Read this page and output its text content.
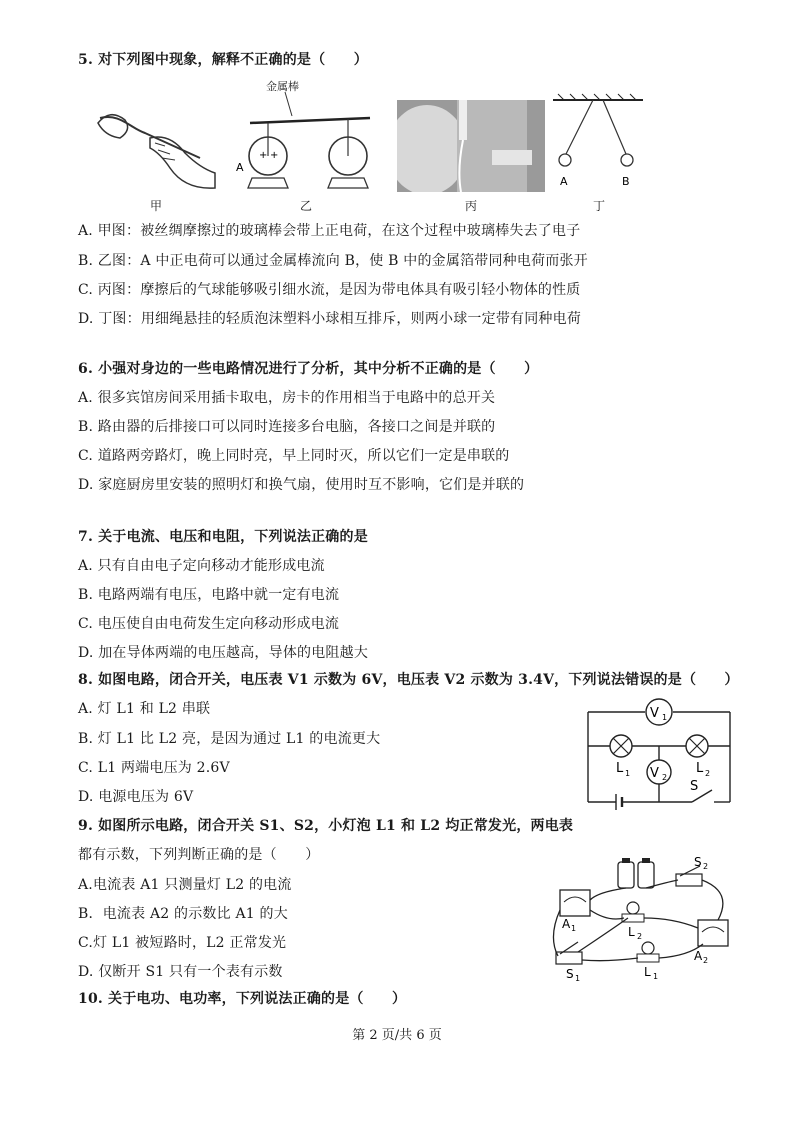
5. 对下列图中现象，解释不正确的是（　　）
金属棒
+ +
A
A	B
甲	乙	丙	丁
A. 甲图：被丝绸摩擦过的玻璃棒会带上正电荷，在这个过程中玻璃棒失去了电子
B. 乙图：A 中正电荷可以通过金属棒流向 B，使 B 中的金属箔带同种电荷而张开
C. 丙图：摩擦后的气球能够吸引细水流，是因为带电体具有吸引轻小物体的性质
D. 丁图：用细绳悬挂的轻质泡沫塑料小球相互排斥，则两小球一定带有同种电荷
6. 小强对身边的一些电路情况进行了分析，其中分析不正确的是（　　）
A. 很多宾馆房间采用插卡取电，房卡的作用相当于电路中的总开关
B. 路由器的后排接口可以同时连接多台电脑，各接口之间是并联的
C. 道路两旁路灯，晚上同时亮，早上同时灭，所以它们一定是串联的
D. 家庭厨房里安装的照明灯和换气扇，使用时互不影响，它们是并联的
7. 关于电流、电压和电阻，下列说法正确的是
A. 只有自由电子定向移动才能形成电流
B. 电路两端有电压，电路中就一定有电流
C. 电压使自由电荷发生定向移动形成电流
D. 加在导体两端的电压越高，导体的电阻越大
8. 如图电路，闭合开关，电压表 V1 示数为 6V，电压表 V2 示数为 3.4V，下列说法错误的是（　　）
A. 灯 L1 和 L2 串联
B. 灯 L1 比 L2 亮，是因为通过 L1 的电流更大
C. L1 两端电压为 2.6V
D. 电源电压为 6V
V 1
L 1	L 2
V 2
S
9. 如图所示电路，闭合开关 S1、S2，小灯泡 L1 和 L2 均正常发光，两电表
都有示数，下列判断正确的是（　　）
A.电流表 A1 只测量灯 L2 的电流
B．电流表 A2 的示数比 A1 的大
C.灯 L1 被短路时，L2 正常发光
D. 仅断开 S1 只有一个表有示数
A 1
A 2
S 2
S 1
L 2
L 1
10. 关于电功、电功率，下列说法正确的是（　　）
第 2 页/共 6 页
